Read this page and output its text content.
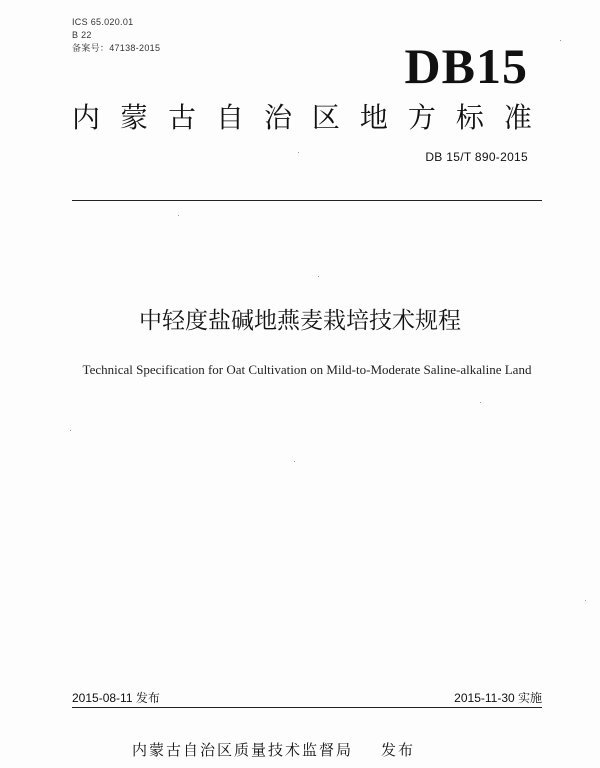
ICS 65.020.01
B 22
备案号：47138-2015	DB15
内 蒙 古 自 治 区 地 方 标 准
DB 15/T 890-2015
中轻度盐碱地燕麦栽培技术规程
Technical Specification for Oat Cultivation on Mild-to-Moderate Saline-alkaline Land
2015-08-11 发布	2015-11-30 实施
内蒙古自治区质量技术监督局 发布
